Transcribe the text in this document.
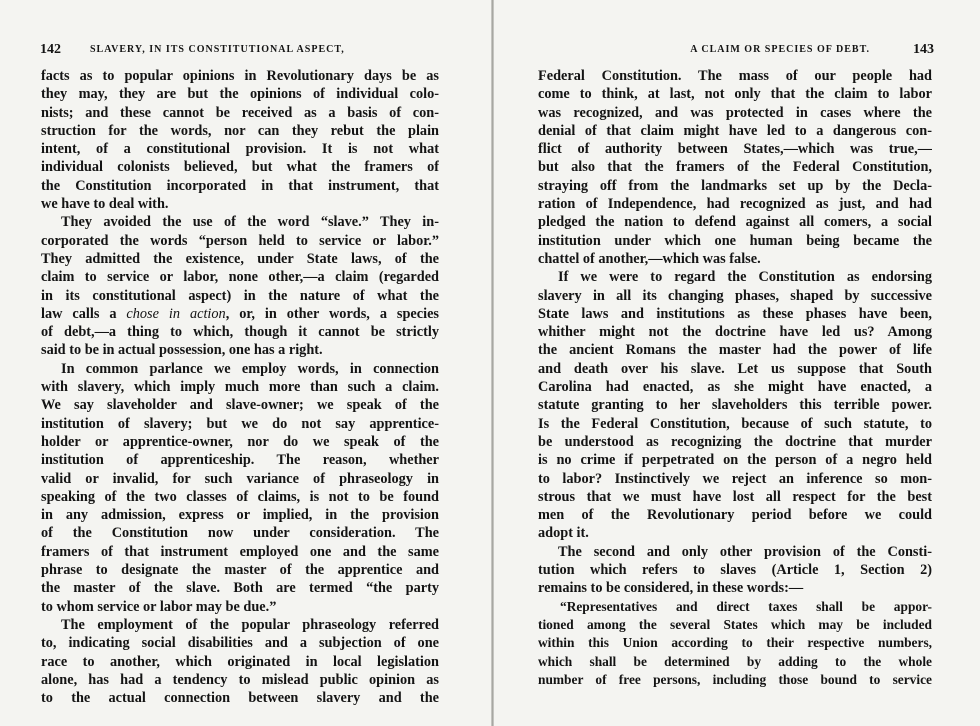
142	SLAVERY, IN ITS CONSTITUTIONAL ASPECT,
facts as to popular opinions in Revolutionary days be as
they may, they are but the opinions of individual colo-
nists; and these cannot be received as a basis of con-
struction for the words, nor can they rebut the plain
intent, of a constitutional provision. It is not what
individual colonists believed, but what the framers of
the Constitution incorporated in that instrument, that
we have to deal with.
They avoided the use of the word “slave.” They in-
corporated the words “person held to service or labor.”
They admitted the existence, under State laws, of the
claim to service or labor, none other,—a claim (regarded
in its constitutional aspect) in the nature of what the
law calls a chose in action, or, in other words, a species
of debt,—a thing to which, though it cannot be strictly
said to be in actual possession, one has a right.
In common parlance we employ words, in connection
with slavery, which imply much more than such a claim.
We say slaveholder and slave-owner; we speak of the
institution of slavery; but we do not say apprentice-
holder or apprentice-owner, nor do we speak of the
institution of apprenticeship. The reason, whether
valid or invalid, for such variance of phraseology in
speaking of the two classes of claims, is not to be found
in any admission, express or implied, in the provision
of the Constitution now under consideration. The
framers of that instrument employed one and the same
phrase to designate the master of the apprentice and
the master of the slave. Both are termed “the party
to whom service or labor may be due.”
The employment of the popular phraseology referred
to, indicating social disabilities and a subjection of one
race to another, which originated in local legislation
alone, has had a tendency to mislead public opinion as
to the actual connection between slavery and the
A CLAIM OR SPECIES OF DEBT.	143
Federal Constitution. The mass of our people had
come to think, at last, not only that the claim to labor
was recognized, and was protected in cases where the
denial of that claim might have led to a dangerous con-
flict of authority between States,—which was true,—
but also that the framers of the Federal Constitution,
straying off from the landmarks set up by the Decla-
ration of Independence, had recognized as just, and had
pledged the nation to defend against all comers, a social
institution under which one human being became the
chattel of another,—which was false.
If we were to regard the Constitution as endorsing
slavery in all its changing phases, shaped by successive
State laws and institutions as these phases have been,
whither might not the doctrine have led us? Among
the ancient Romans the master had the power of life
and death over his slave. Let us suppose that South
Carolina had enacted, as she might have enacted, a
statute granting to her slaveholders this terrible power.
Is the Federal Constitution, because of such statute, to
be understood as recognizing the doctrine that murder
is no crime if perpetrated on the person of a negro held
to labor? Instinctively we reject an inference so mon-
strous that we must have lost all respect for the best
men of the Revolutionary period before we could
adopt it.
The second and only other provision of the Consti-
tution which refers to slaves (Article 1, Section 2)
remains to be considered, in these words:—
“Representatives and direct taxes shall be appor-
tioned among the several States which may be included
within this Union according to their respective numbers,
which shall be determined by adding to the whole
number of free persons, including those bound to service
